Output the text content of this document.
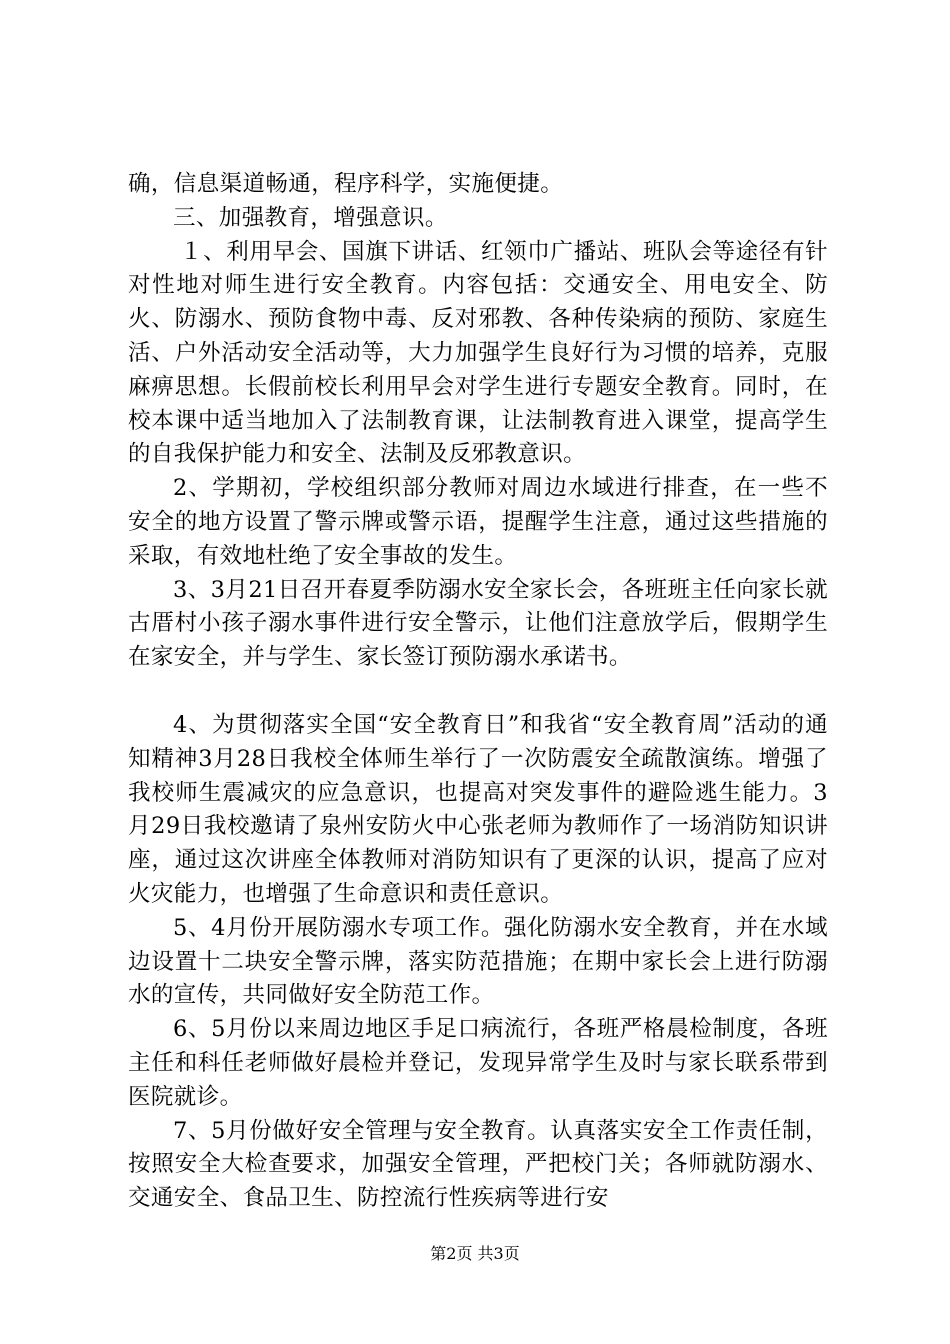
确，信息渠道畅通，程序科学，实施便捷。

三、加强教育，增强意识。

１、利用早会、国旗下讲话、红领巾广播站、班队会等途径有针对性地对师生进行安全教育。内容包括：交通安全、用电安全、防火、防溺水、预防食物中毒、反对邪教、各种传染病的预防、家庭生活、户外活动安全活动等，大力加强学生良好行为习惯的培养，克服麻痹思想。长假前校长利用早会对学生进行专题安全教育。同时，在校本课中适当地加入了法制教育课，让法制教育进入课堂，提高学生的自我保护能力和安全、法制及反邪教意识。

2、学期初，学校组织部分教师对周边水域进行排查，在一些不安全的地方设置了警示牌或警示语，提醒学生注意，通过这些措施的采取，有效地杜绝了安全事故的发生。

3、3月21日召开春夏季防溺水安全家长会，各班班主任向家长就古厝村小孩子溺水事件进行安全警示，让他们注意放学后，假期学生在家安全，并与学生、家长签订预防溺水承诺书。

4、为贯彻落实全国“安全教育日”和我省“安全教育周”活动的通知精神3月28日我校全体师生举行了一次防震安全疏散演练。增强了我校师生震减灾的应急意识，也提高对突发事件的避险逃生能力。3月29日我校邀请了泉州安防火中心张老师为教师作了一场消防知识讲座，通过这次讲座全体教师对消防知识有了更深的认识，提高了应对火灾能力，也增强了生命意识和责任意识。

5、4月份开展防溺水专项工作。强化防溺水安全教育，并在水域边设置十二块安全警示牌，落实防范措施；在期中家长会上进行防溺水的宣传，共同做好安全防范工作。

6、5月份以来周边地区手足口病流行，各班严格晨检制度，各班主任和科任老师做好晨检并登记，发现异常学生及时与家长联系带到医院就诊。

7、5月份做好安全管理与安全教育。认真落实安全工作责任制，按照安全大检查要求，加强安全管理，严把校门关；各师就防溺水、交通安全、食品卫生、防控流行性疾病等进行安

第2页 共3页
